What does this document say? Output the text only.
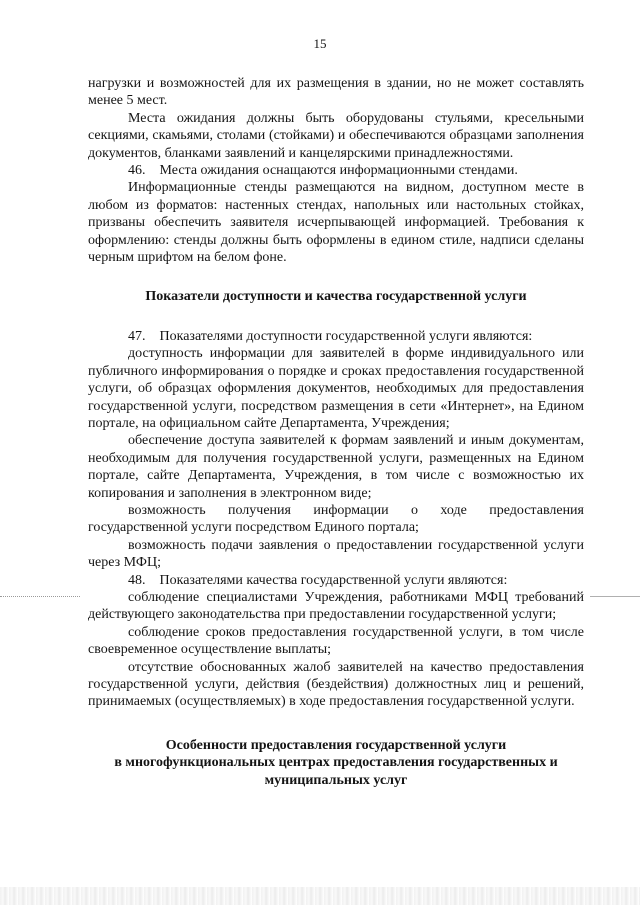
15

нагрузки и возможностей для их размещения в здании, но не может составлять менее 5 мест.

Места ожидания должны быть оборудованы стульями, кресельными секциями, скамьями, столами (стойками) и обеспечиваются образцами заполнения документов, бланками заявлений и канцелярскими принадлежностями.

46.    Места ожидания оснащаются информационными стендами.

Информационные стенды размещаются на видном, доступном месте в любом из форматов: настенных стендах, напольных или настольных стойках, призваны обеспечить заявителя исчерпывающей информацией. Требования к оформлению: стенды должны быть оформлены в едином стиле, надписи сделаны черным шрифтом на белом фоне.

Показатели доступности и качества государственной услуги

47.    Показателями доступности государственной услуги являются:

доступность информации для заявителей в форме индивидуального или публичного информирования о порядке и сроках предоставления государственной услуги, об образцах оформления документов, необходимых для предоставления государственной услуги, посредством размещения в сети «Интернет», на Едином портале, на официальном сайте Департамента, Учреждения;

обеспечение доступа заявителей к формам заявлений и иным документам, необходимым для получения государственной услуги, размещенных на Едином портале, сайте Департамента, Учреждения, в том числе с возможностью их копирования и заполнения в электронном виде;

возможность получения информации о ходе предоставления государственной услуги посредством Единого портала;

возможность подачи заявления о предоставлении государственной услуги через МФЦ;

48.    Показателями качества государственной услуги являются:

соблюдение специалистами Учреждения, работниками МФЦ требований действующего законодательства при предоставлении государственной услуги;

соблюдение сроков предоставления государственной услуги, в том числе своевременное осуществление выплаты;

отсутствие обоснованных жалоб заявителей на качество предоставления государственной услуги, действия (бездействия) должностных лиц и решений, принимаемых (осуществляемых) в ходе предоставления государственной услуги.

Особенности предоставления государственной услуги

в многофункциональных центрах предоставления государственных и

муниципальных услуг
